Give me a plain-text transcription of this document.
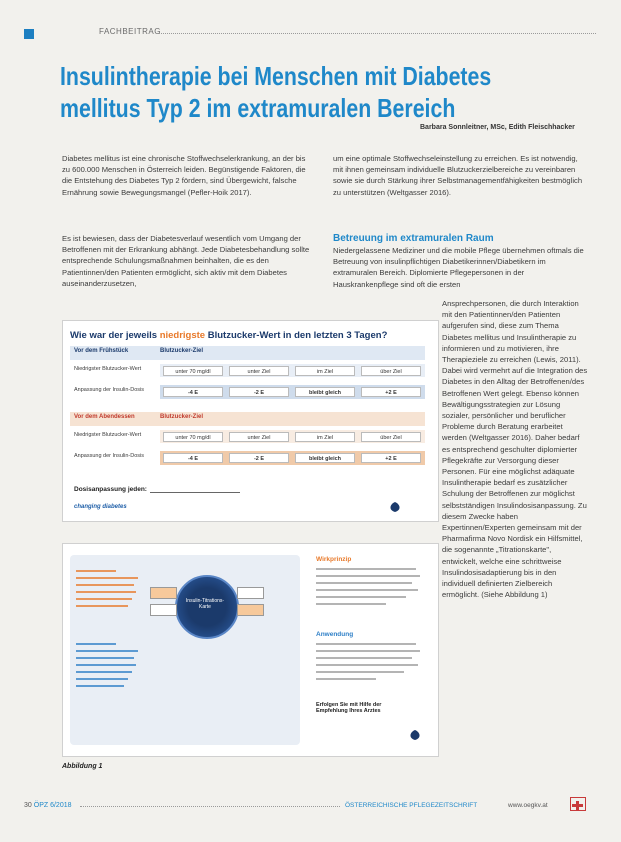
FACHBEITRAG
Insulintherapie bei Menschen mit Diabetes
mellitus Typ 2 im extramuralen Bereich
Barbara Sonnleitner, MSc, Edith Fleischhacker
Diabetes mellitus ist eine chronische Stoffwechselerkrankung, an der bis zu 600.000 Menschen in Österreich leiden. Begünstigende Faktoren, die die Entstehung des Diabetes Typ 2 fördern, sind Übergewicht, falsche Ernährung sowie Bewegungsmangel (Pefler-Hoik 2017).
Es ist bewiesen, dass der Diabetesverlauf wesentlich vom Umgang der Betroffenen mit der Erkrankung abhängt. Jede Diabetesbehandlung sollte entsprechende Schulungsmaßnahmen beinhalten, die es den Patientinnen/den Patienten ermöglicht, sich aktiv mit dem Diabetes auseinanderzusetzen,
um eine optimale Stoffwechseleinstellung zu erreichen. Es ist notwendig, mit ihnen gemeinsam individuelle Blutzuckerzielbereiche zu vereinbaren sowie sie durch Stärkung ihrer Selbstmanagementfähigkeiten bestmöglich zu unterstützen (Weltgasser 2016).
Betreuung im extramuralen Raum
Niedergelassene Mediziner und die mobile Pflege übernehmen oftmals die Betreuung von insulinpflichtigen Diabetikerinnen/Diabetikern im extramuralen Bereich. Diplomierte Pflegepersonen in der Hauskrankenpflege sind oft die ersten
Ansprechpersonen, die durch Interaktion mit den Patientinnen/den Patienten aufgerufen sind, diese zum Thema Diabetes mellitus und Insulintherapie zu informieren und zu motivieren, ihre Therapieziele zu erreichen (Lewis, 2011). Dabei wird vermehrt auf die Integration des Diabetes in den Alltag der Betroffenen/des Betroffenen Wert gelegt. Ebenso können Bewältigungsstrategien zur Lösung sozialer, persönlicher und beruflicher Probleme durch Beratung erarbeitet werden (Weltgasser 2016). Daher bedarf es entsprechend geschulter diplomierter Pflegekräfte zur Versorgung dieser Personen. Für eine möglichst adäquate Insulintherapie bedarf es zusätzlicher Schulung der Betroffenen zur möglichst selbstständigen Insulindosisanpassung. Zu diesem Zwecke haben Expertinnen/Experten gemeinsam mit der Pharmafirma Novo Nordisk ein Hilfsmittel, die sogenannte „Titrationskarte", entwickelt, welche eine schrittweise Insulindosisadaptierung bis in den individuell definierten Zielbereich ermöglicht. (Siehe Abbildung 1)
Wie war der jeweils niedrigste Blutzucker-Wert in den letzten 3 Tagen?
Vor dem Frühstück	Blutzucker-Ziel
Niedrigster Blutzucker-Wert	unter 70 mg/dl	unter Ziel	im Ziel	über Ziel
Anpassung der Insulin-Dosis	-4 E	-2 E	bleibt gleich	+2 E
Vor dem Abendessen	Blutzucker-Ziel
Niedrigster Blutzucker-Wert	unter 70 mg/dl	unter Ziel	im Ziel	über Ziel
Anpassung der Insulin-Dosis	-4 E	-2 E	bleibt gleich	+2 E
Dosisanpassung jeden:
changing diabetes
Insulin-Titrations-Karte
Wirkprinzip
Anwendung
Erfolgen Sie mit Hilfe der Empfehlung Ihres Arztes
Abbildung 1
30 ÖPZ 6/2018	ÖSTERREICHISCHE PFLEGEZEITSCHRIFT	www.oegkv.at
